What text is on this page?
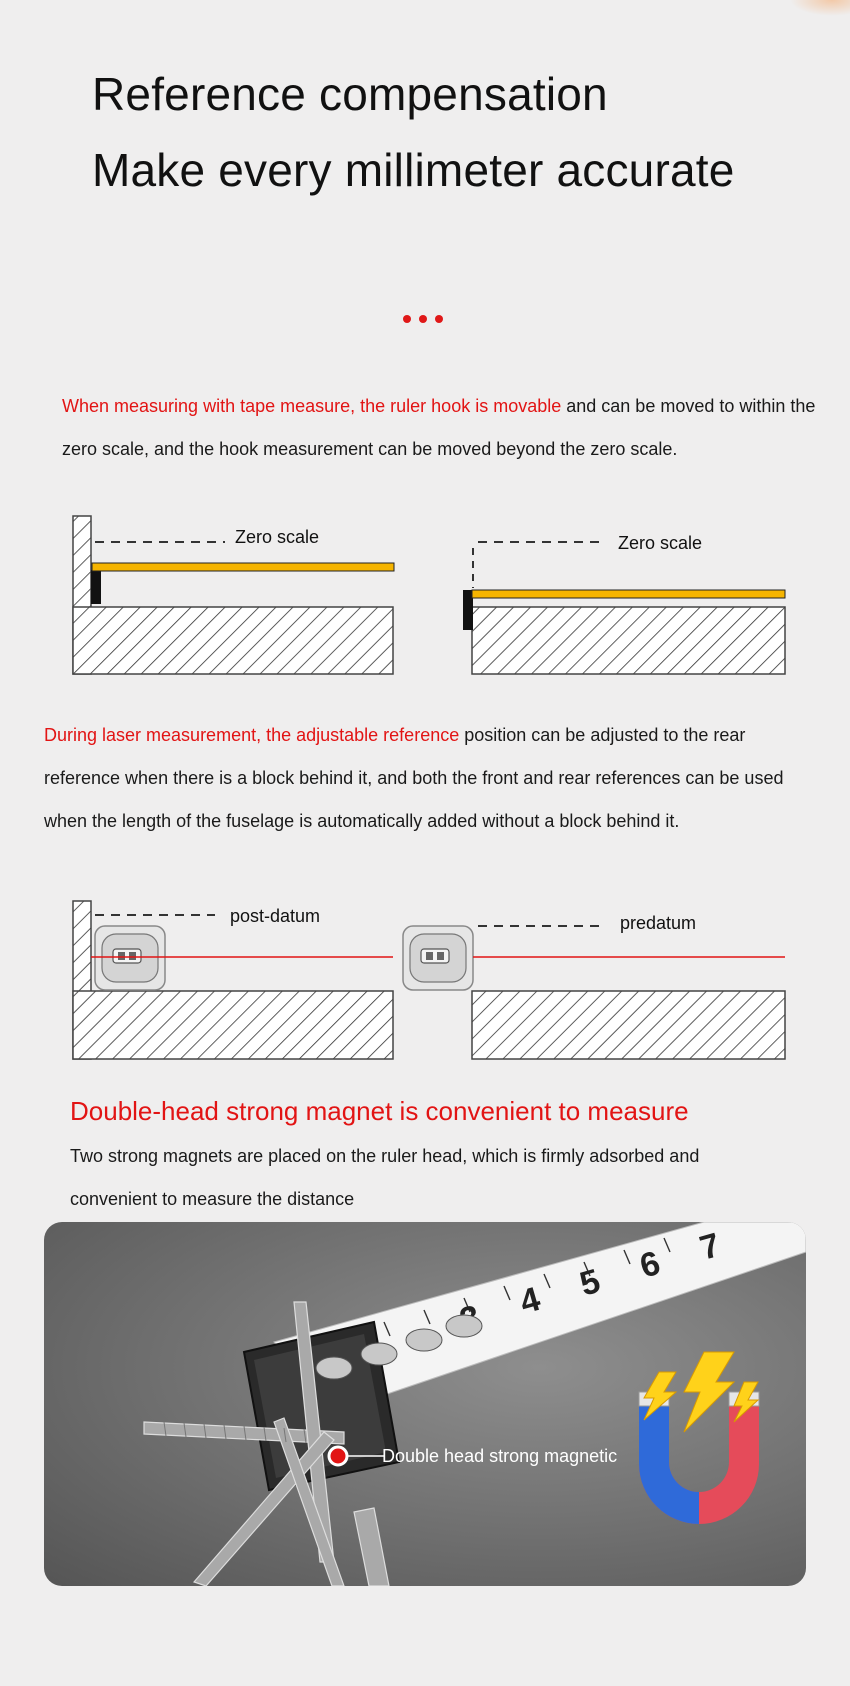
Reference compensation
Make every millimeter accurate
When measuring with tape measure, the ruler hook is movable and can be moved to within the zero scale, and the hook measurement can be moved beyond the zero scale.
Zero scale	Zero scale
During laser measurement, the adjustable reference position can be adjusted to the rear reference when there is a block behind it, and both the front and rear references can be used when the length of the fuselage is automatically added without a block behind it.
post-datum	predatum
Double-head strong magnet is convenient to measure
Two strong magnets are placed on the ruler head, which is firmly adsorbed and convenient to measure the distance
4 5 6 7
Double head strong magnetic
